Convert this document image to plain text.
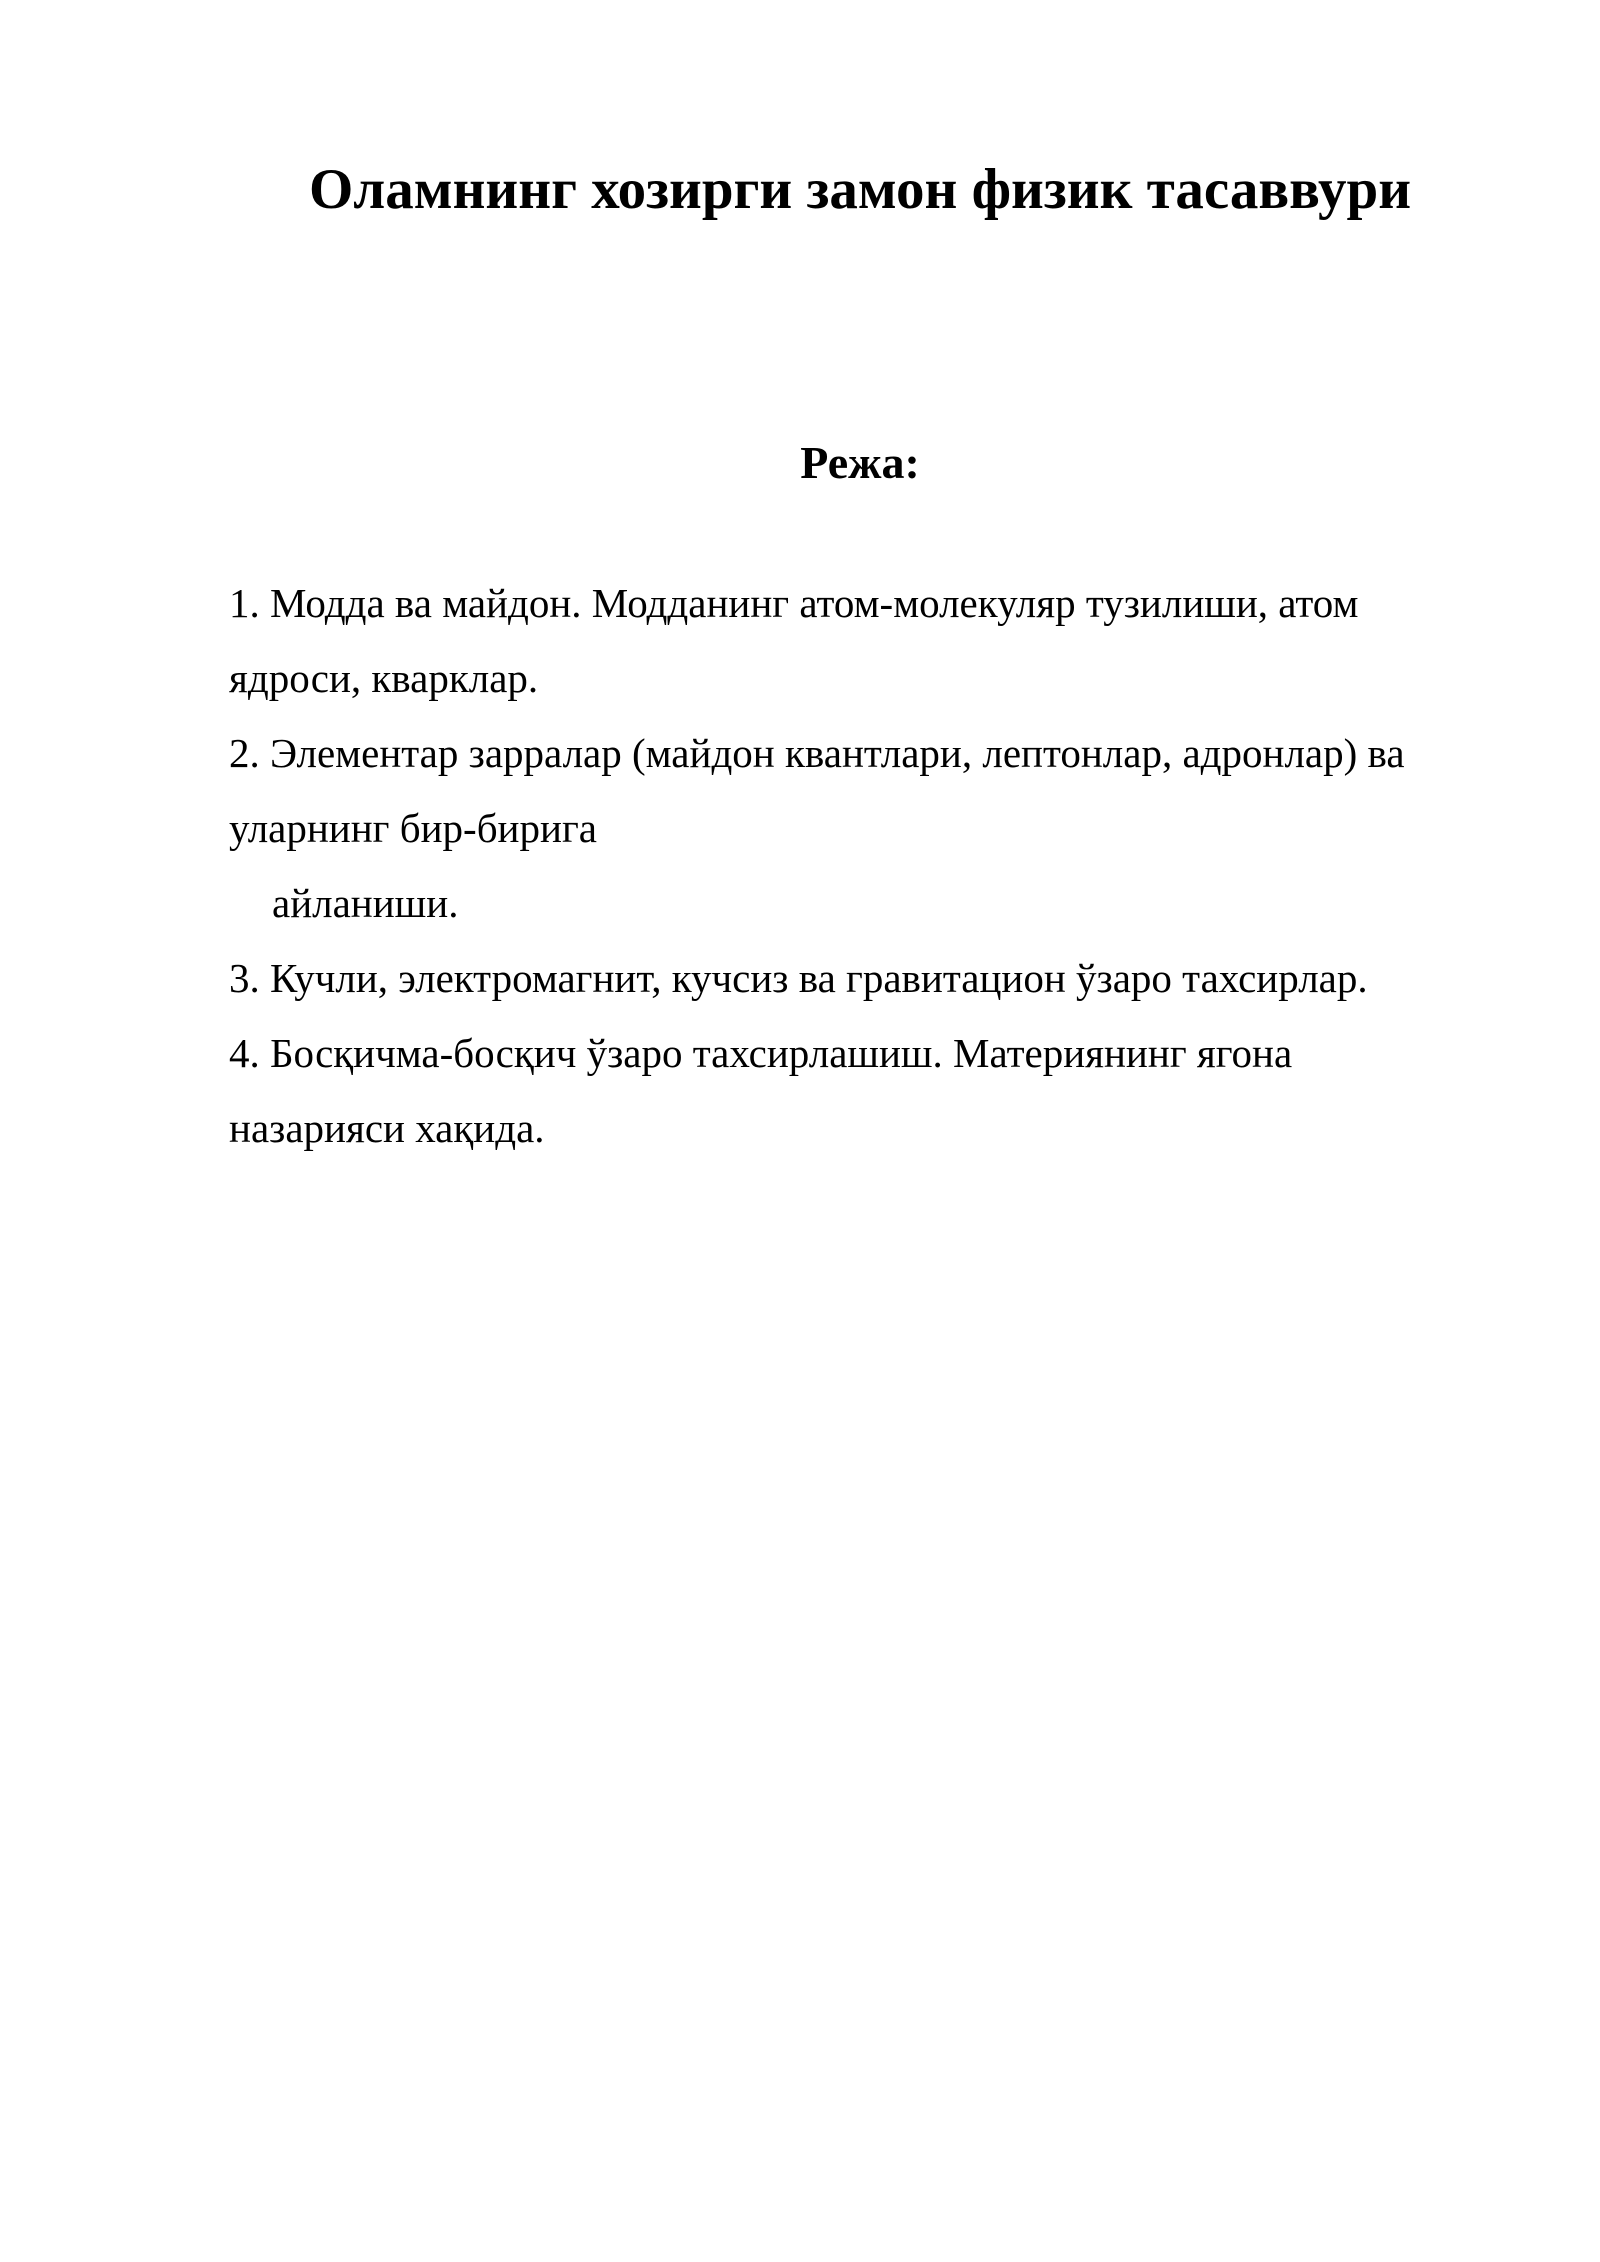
Оламнинг хозирги замон физик тасаввури
Режа:
1. Модда ва майдон. Модданинг атом-молекуляр тузилиши, атом
ядроси, кварклар.
2. Элементар зарралар (майдон квантлари, лептонлар, адронлар) ва
уларнинг бир-бирига
айланиши.
3. Кучли, электромагнит, кучсиз ва гравитацион ўзаро тахсирлар.
4. Босқичма-босқич ўзаро тахсирлашиш. Материянинг ягона
назарияси хақида.
